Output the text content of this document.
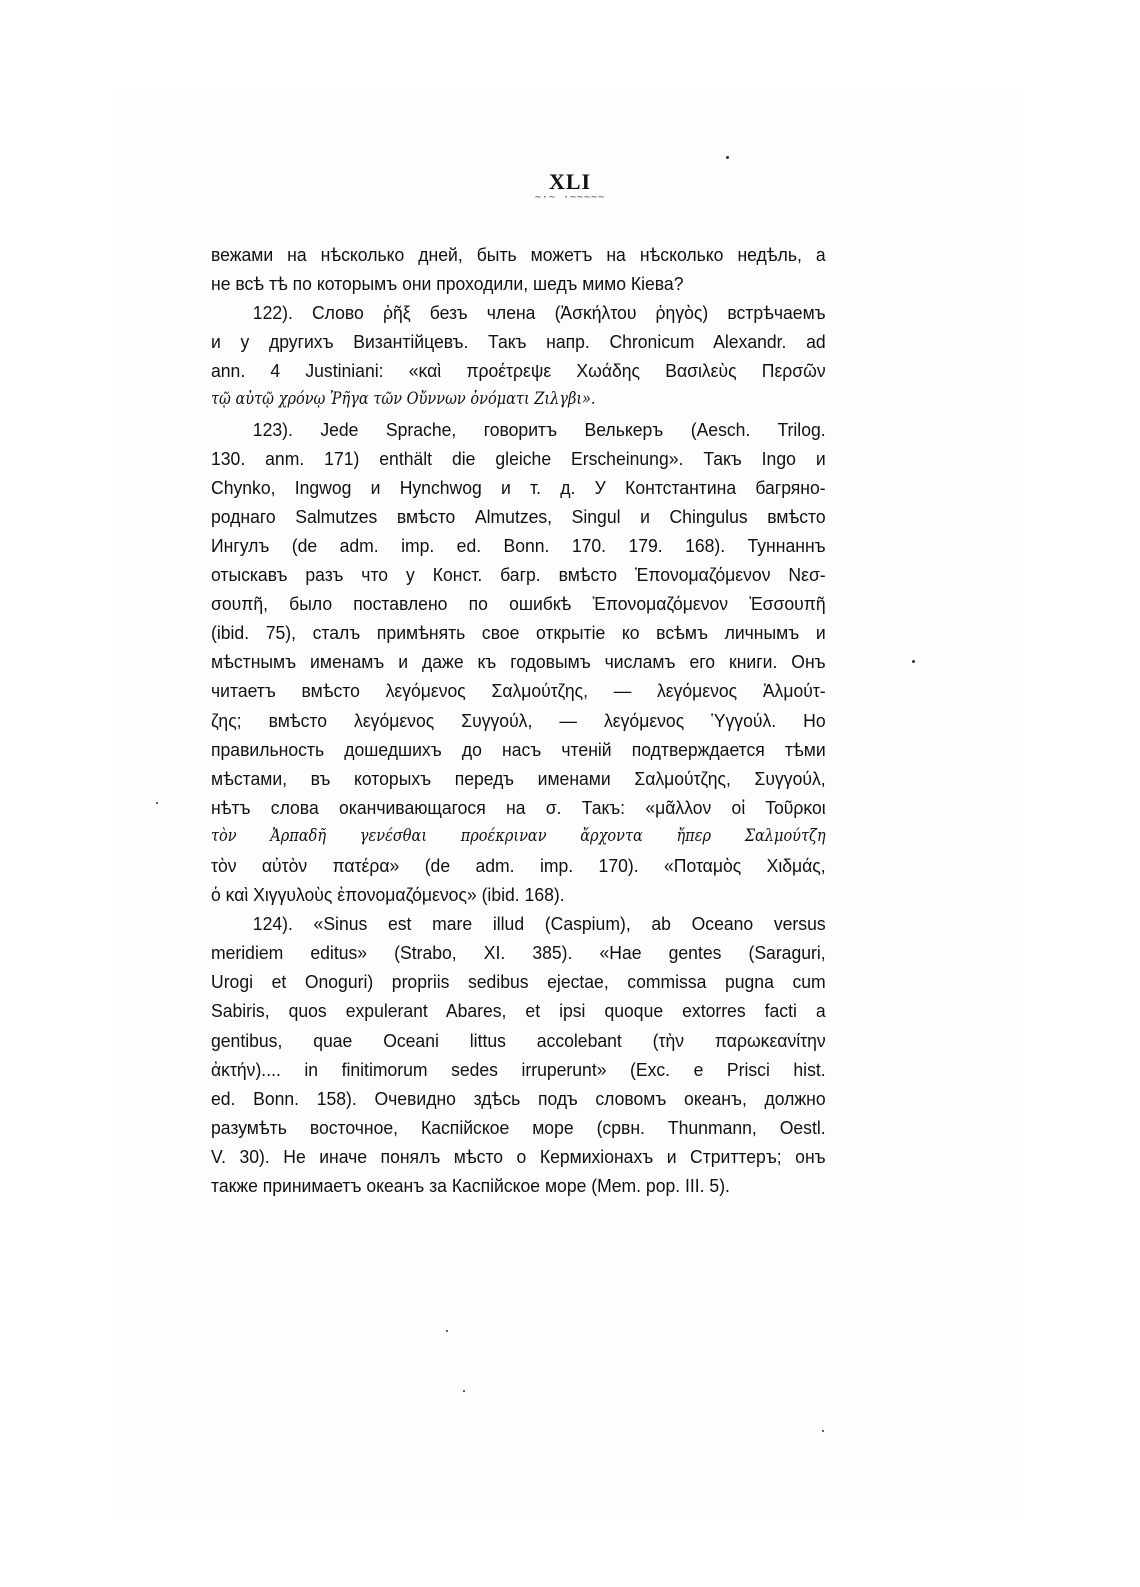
XLI
~·~ ·~~~~~

вежами на нѣсколько дней, быть можетъ на нѣсколько недѣль, а
не всѣ тѣ по которымъ они проходили, шедъ мимо Кіева?

122). Слово ῥῆξ безъ члена (Ἀσκήλτου ῥηγὸς) встрѣчаемъ
и у другихъ Византійцевъ. Такъ напр. Chronicum Alexandr. ad
ann. 4 Justiniani: «καὶ προέτρεψε Χωάδης Βασιλεὺς Περσῶν
τῷ αὐτῷ χρόνῳ Ῥῆγα τῶν Οὔννων ὀνόματι Ζιλγβι».

123). Jede Sprache, говоритъ Велькеръ (Aesch. Trilog.
130. anm. 171) enthält die gleiche Erscheinung». Такъ Ingo и
Chynko, Ingwog и Hynchwog и т. д. У Контстантина багряно-
роднаго Salmutzes вмѣсто Almutzes, Singul и Chingulus вмѣсто
Ингулъ (de adm. imp. ed. Bonn. 170. 179. 168). Туннаннъ
отыскавъ разъ что у Конст. багр. вмѣсто Ἐπονομαζόμενον Νεσ-
σουπῆ, было поставлено по ошибкѣ Ἐπονομαζόμενον Ἐσσουπῆ
(ibid. 75), сталъ примѣнять свое открытіе ко всѣмъ личнымъ и
мѣстнымъ именамъ и даже къ годовымъ числамъ его книги. Онъ
читаетъ вмѣсто λεγόμενος Σαλμούτζης, — λεγόμενος Ἀλμούτ-
ζης; вмѣсто λεγόμενος Συγγούλ, — λεγόμενος Ὑγγούλ. Но
правильность дошедшихъ до насъ чтеній подтверждается тѣми
мѣстами, въ которыхъ передъ именами Σαλμούτζης, Συγγούλ,
нѣтъ слова оканчивающагося на σ. Такъ: «μᾶλλον οἱ Τοῦρκοι
τὸν Ἀρπαδῆ γενέσθαι προέκριναν ἄρχοντα ἤπερ Σαλμούτζη
τὸν αὐτὸν πατέρα» (de adm. imp. 170). «Ποταμὸς Χιδμάς,
ὁ καὶ Χιγγυλοὺς ἐπονομαζόμενος» (ibid. 168).

124). «Sinus est mare illud (Caspium), ab Oceano versus
meridiem editus» (Strabo, XI. 385). «Hae gentes (Saraguri,
Urogi et Onoguri) propriis sedibus ejectae, commissa pugna cum
Sabiris, quos expulerant Abares, et ipsi quoque extorres facti a
gentibus, quae Oceani littus accolebant (τὴν παρωκεανίτην
ἀκτήν).... in finitimorum sedes irruperunt» (Exc. e Prisci hist.
ed. Bonn. 158). Очевидно здѣсь подъ словомъ океанъ, должно
разумѣть восточное, Каспійское море (срвн. Thunmann, Oestl.
V. 30). Не иначе понялъ мѣсто о Кермихіонахъ и Стриттеръ; онъ
также принимаетъ океанъ за Каспійское море (Mem. pop. III. 5).
